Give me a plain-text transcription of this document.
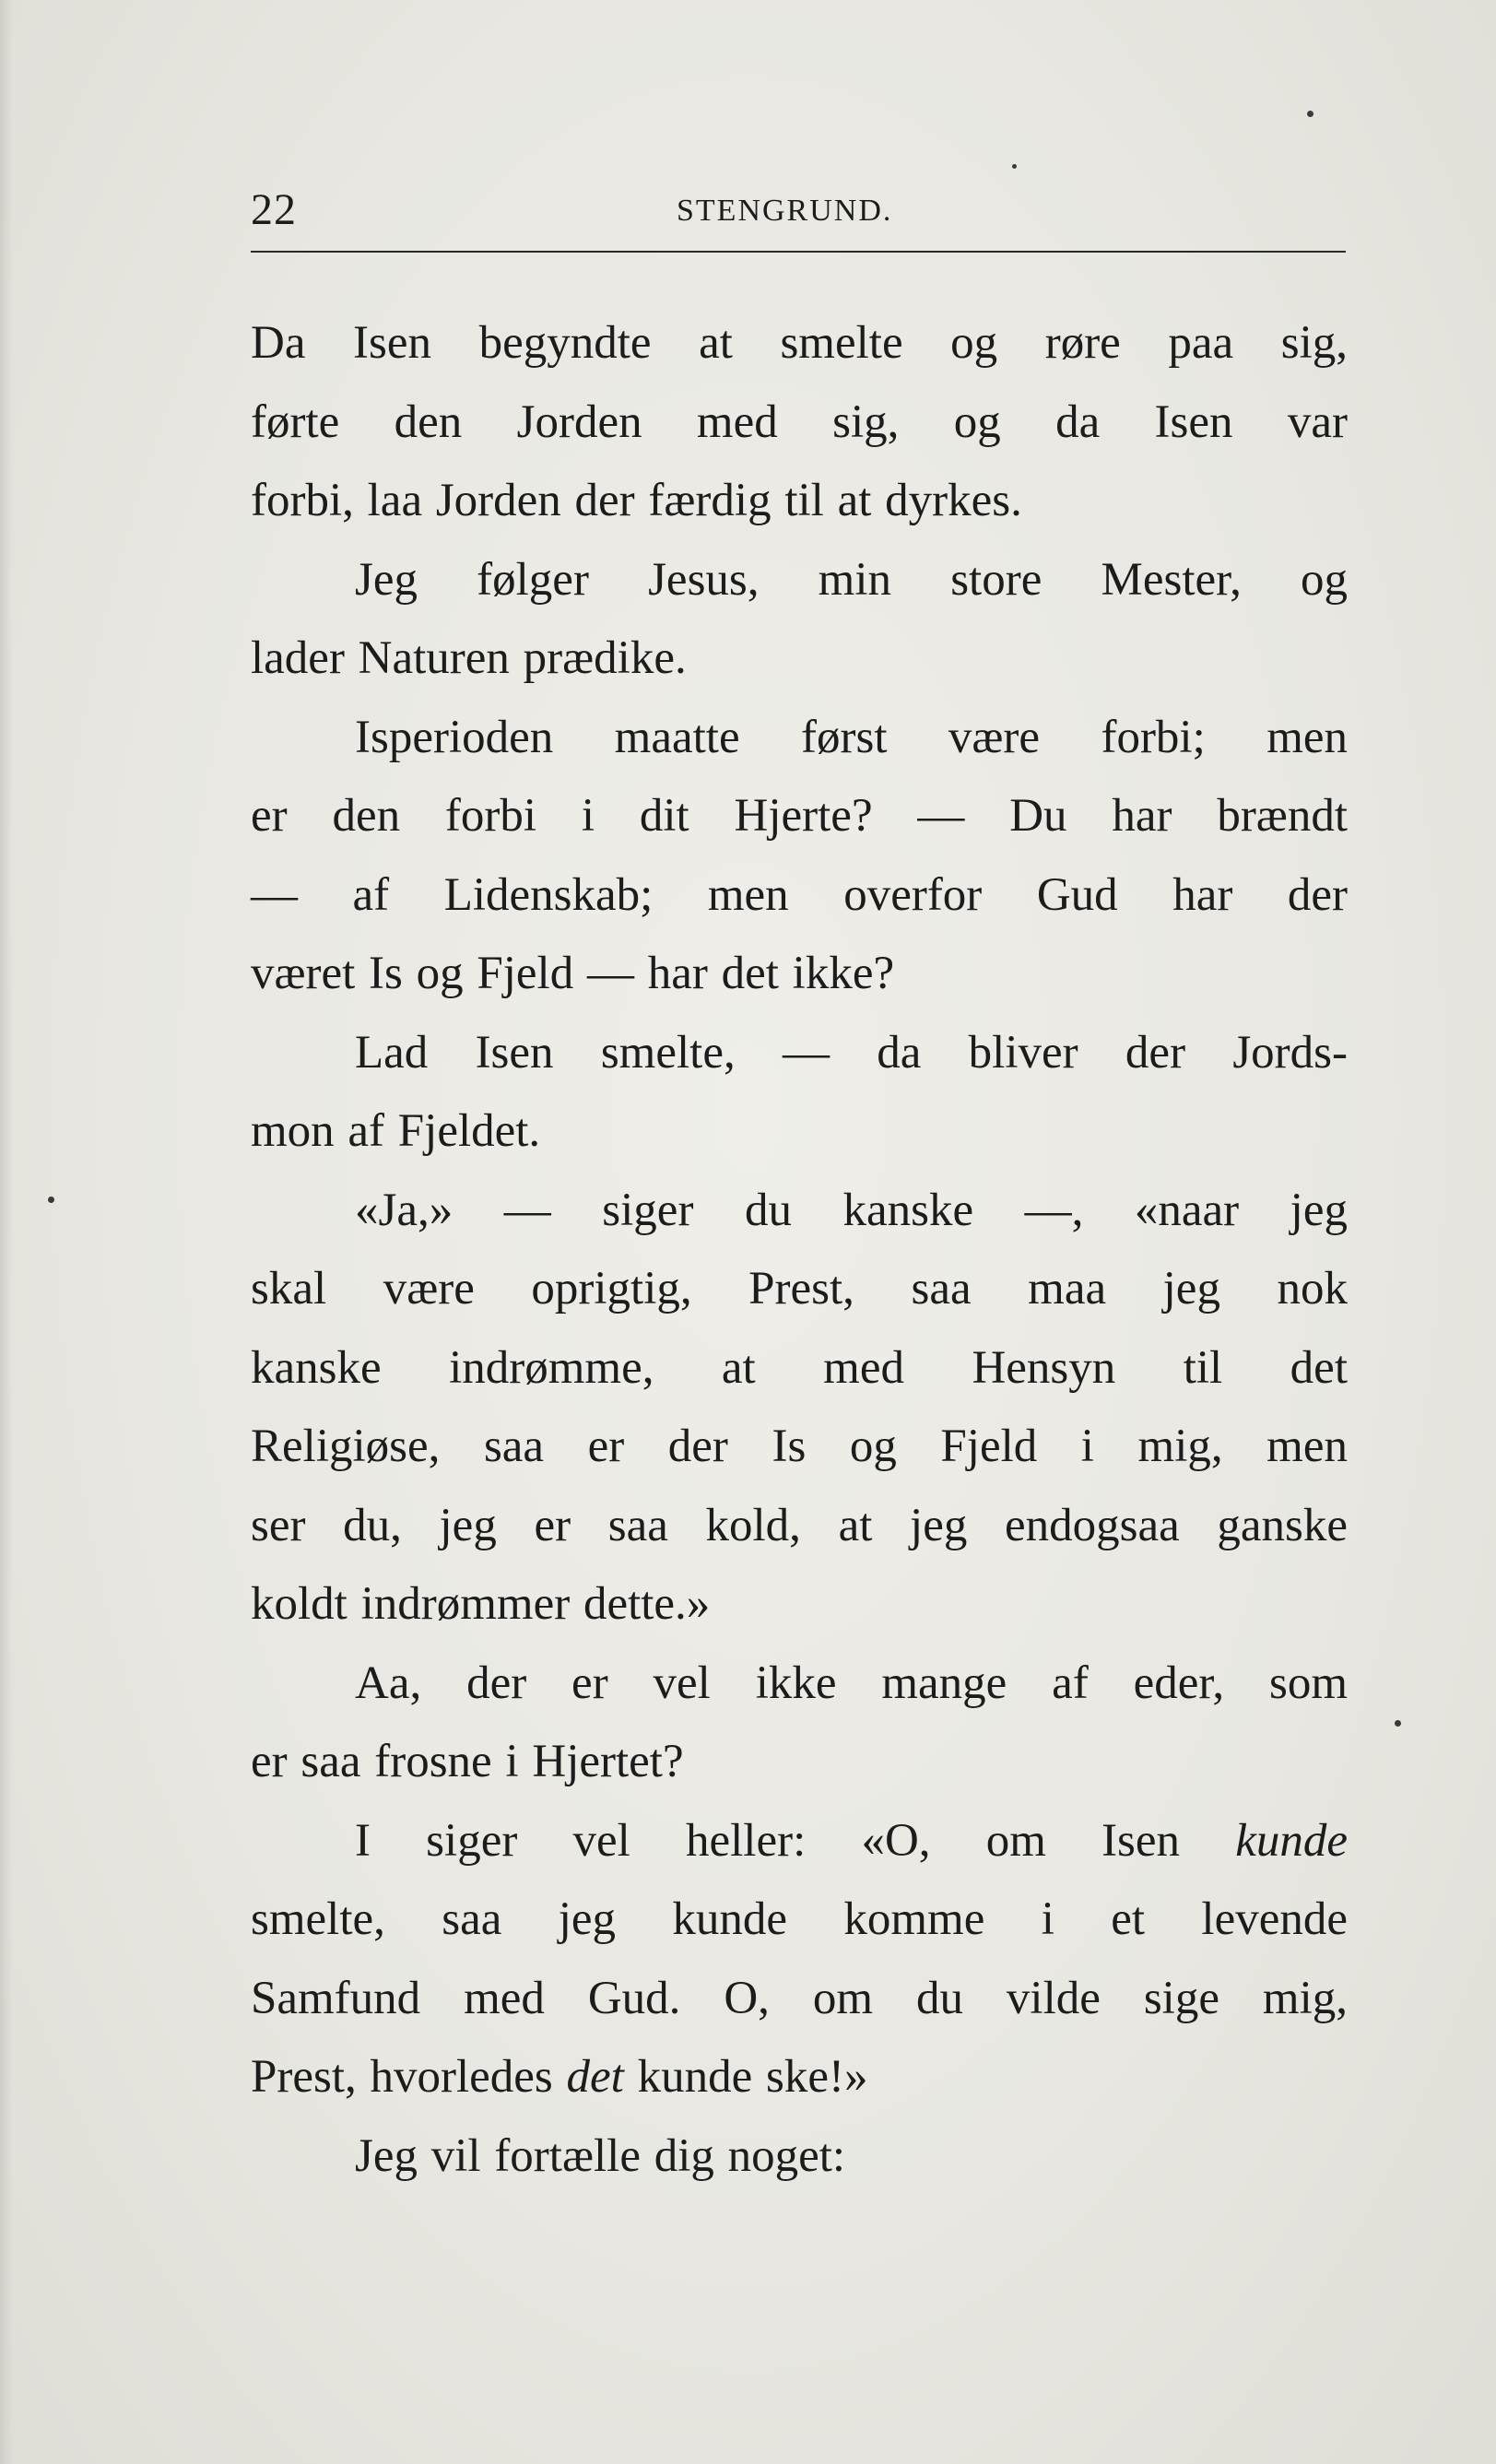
22	STENGRUND.
Da Isen begyndte at smelte og røre paa sig,
førte den Jorden med sig, og da Isen var
forbi, laa Jorden der færdig til at dyrkes.
Jeg følger Jesus, min store Mester, og
lader Naturen prædike.
Isperioden maatte først være forbi; men
er den forbi i dit Hjerte? — Du har brændt
— af Lidenskab; men overfor Gud har der
været Is og Fjeld — har det ikke?
Lad Isen smelte, — da bliver der Jords-
mon af Fjeldet.
«Ja,» — siger du kanske —, «naar jeg
skal være oprigtig, Prest, saa maa jeg nok
kanske indrømme, at med Hensyn til det
Religiøse, saa er der Is og Fjeld i mig, men
ser du, jeg er saa kold, at jeg endogsaa ganske
koldt indrømmer dette.»
Aa, der er vel ikke mange af eder, som
er saa frosne i Hjertet?
I siger vel heller: «O, om Isen kunde
smelte, saa jeg kunde komme i et levende
Samfund med Gud. O, om du vilde sige mig,
Prest, hvorledes det kunde ske!»
Jeg vil fortælle dig noget:
